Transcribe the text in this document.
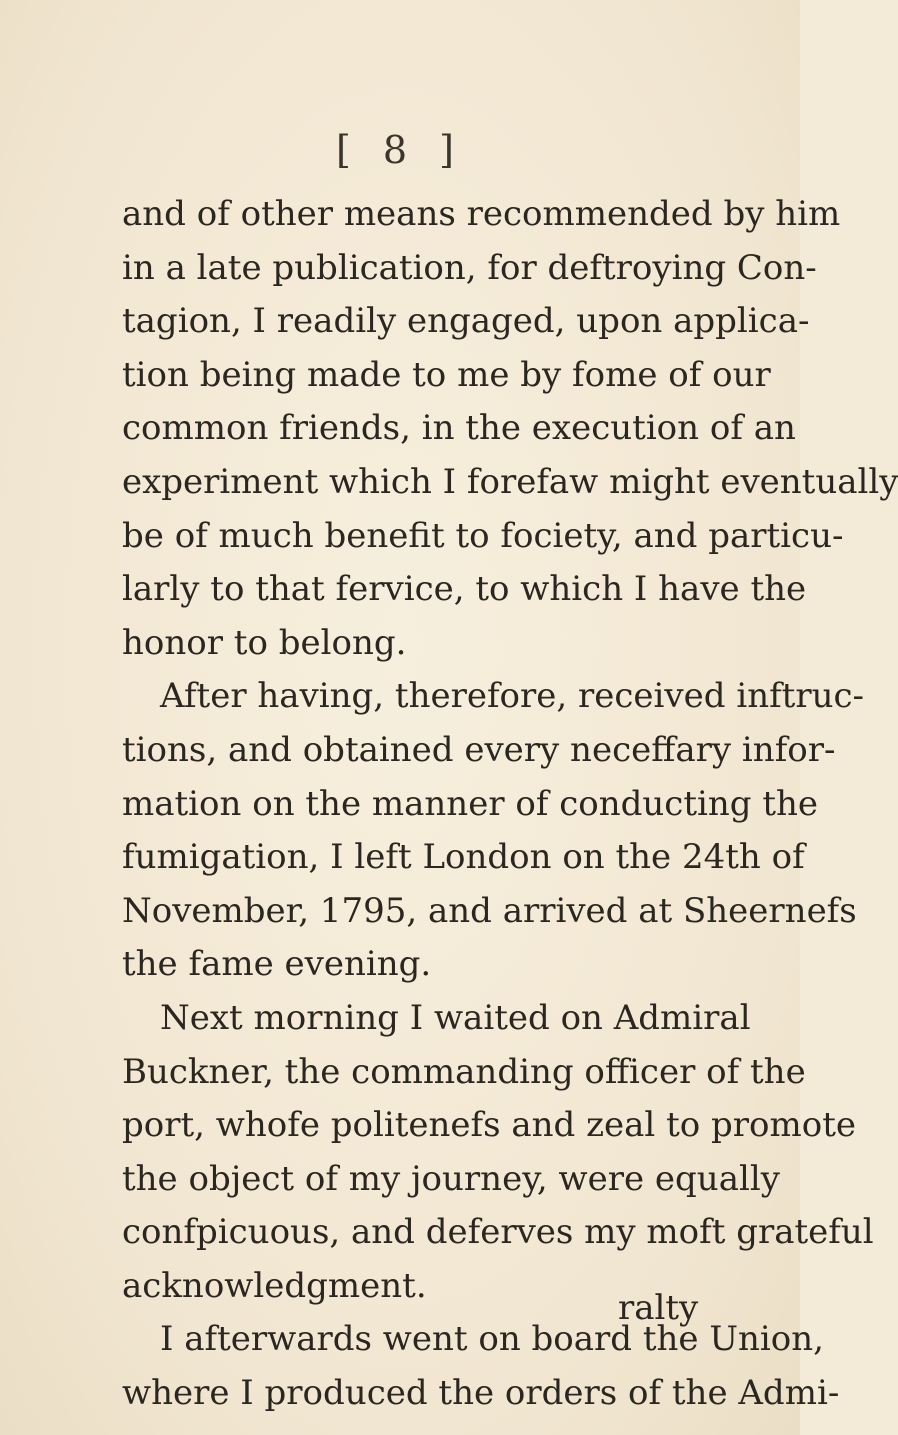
[ 8 ]
and of other means recommended by him
in a late publication, for deftroying Con-
tagion, I readily engaged, upon applica-
tion being made to me by fome of our
common friends, in the execution of an
experiment which I forefaw might eventually
be of much benefit to fociety, and particu-
larly to that fervice, to which I have the
honor to belong.
After having, therefore, received inftruc-
tions, and obtained every neceffary infor-
mation on the manner of conducting the
fumigation, I left London on the 24th of
November, 1795, and arrived at Sheernefs
the fame evening.
Next morning I waited on Admiral
Buckner, the commanding officer of the
port, whofe politenefs and zeal to promote
the object of my journey, were equally
confpicuous, and deferves my moft grateful
acknowledgment.
I afterwards went on board the Union,
where I produced the orders of the Admi-
ralty
